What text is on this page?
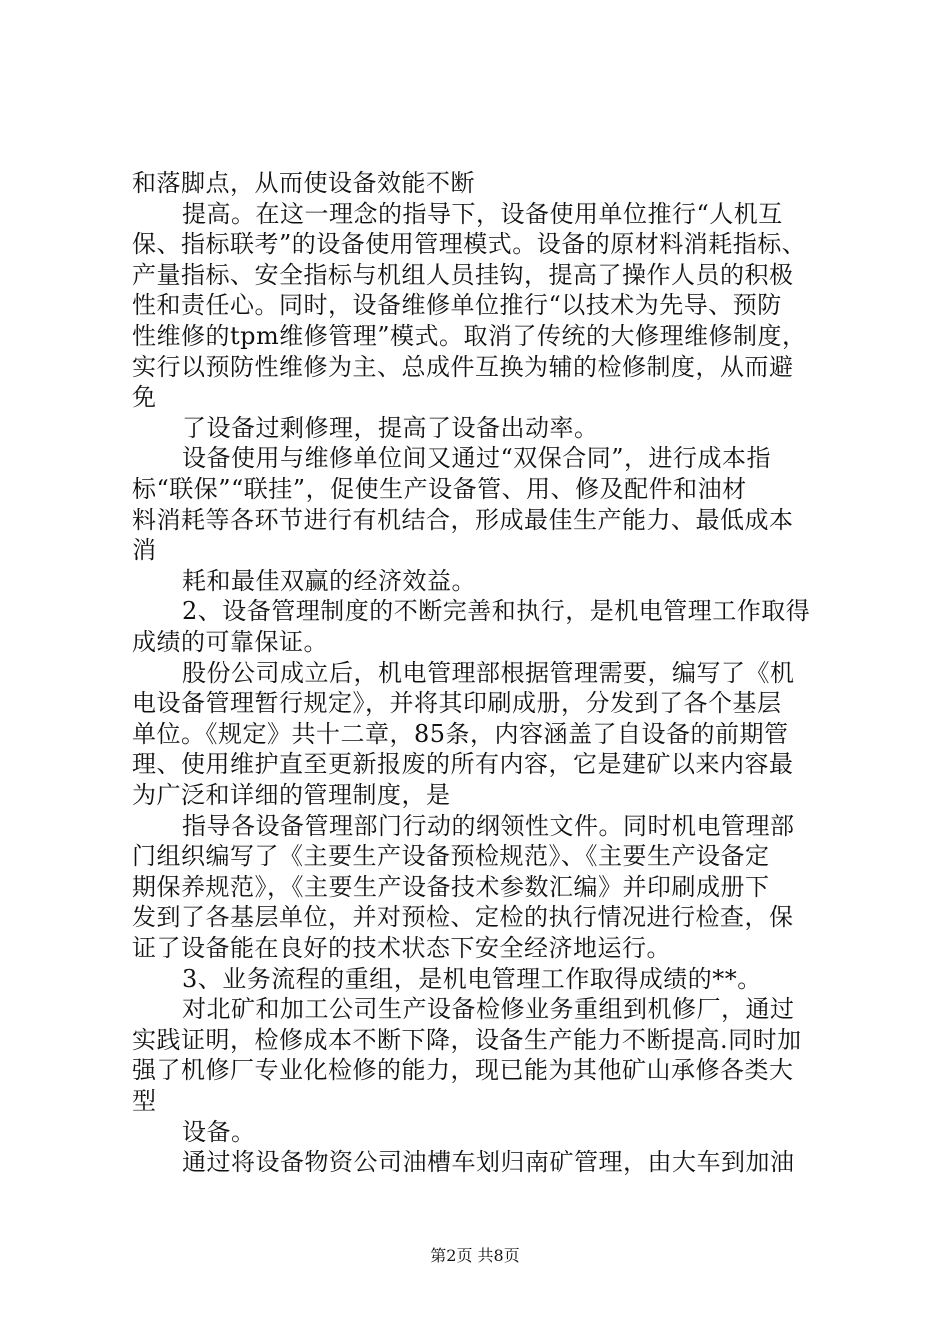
和落脚点，从而使设备效能不断
提高。在这一理念的指导下，设备使用单位推行“人机互
保、指标联考”的设备使用管理模式。设备的原材料消耗指标、
产量指标、安全指标与机组人员挂钩，提高了操作人员的积极
性和责任心。同时，设备维修单位推行“以技术为先导、预防
性维修的tpm维修管理”模式。取消了传统的大修理维修制度，
实行以预防性维修为主、总成件互换为辅的检修制度，从而避
免
了设备过剩修理，提高了设备出动率。
设备使用与维修单位间又通过“双保合同”，进行成本指
标“联保”“联挂”，促使生产设备管、用、修及配件和油材
料消耗等各环节进行有机结合，形成最佳生产能力、最低成本
消
耗和最佳双赢的经济效益。
2、设备管理制度的不断完善和执行，是机电管理工作取得
成绩的可靠保证。
股份公司成立后，机电管理部根据管理需要，编写了《机
电设备管理暂行规定》，并将其印刷成册，分发到了各个基层
单位。《规定》共十二章，85条，内容涵盖了自设备的前期管
理、使用维护直至更新报废的所有内容，它是建矿以来内容最
为广泛和详细的管理制度，是
指导各设备管理部门行动的纲领性文件。同时机电管理部
门组织编写了《主要生产设备预检规范》、《主要生产设备定
期保养规范》，《主要生产设备技术参数汇编》并印刷成册下
发到了各基层单位，并对预检、定检的执行情况进行检查，保
证了设备能在良好的技术状态下安全经济地运行。
3、业务流程的重组，是机电管理工作取得成绩的**。
对北矿和加工公司生产设备检修业务重组到机修厂，通过
实践证明，检修成本不断下降，设备生产能力不断提高.同时加
强了机修厂专业化检修的能力，现已能为其他矿山承修各类大
型
设备。
通过将设备物资公司油槽车划归南矿管理，由大车到加油
第2页 共8页
